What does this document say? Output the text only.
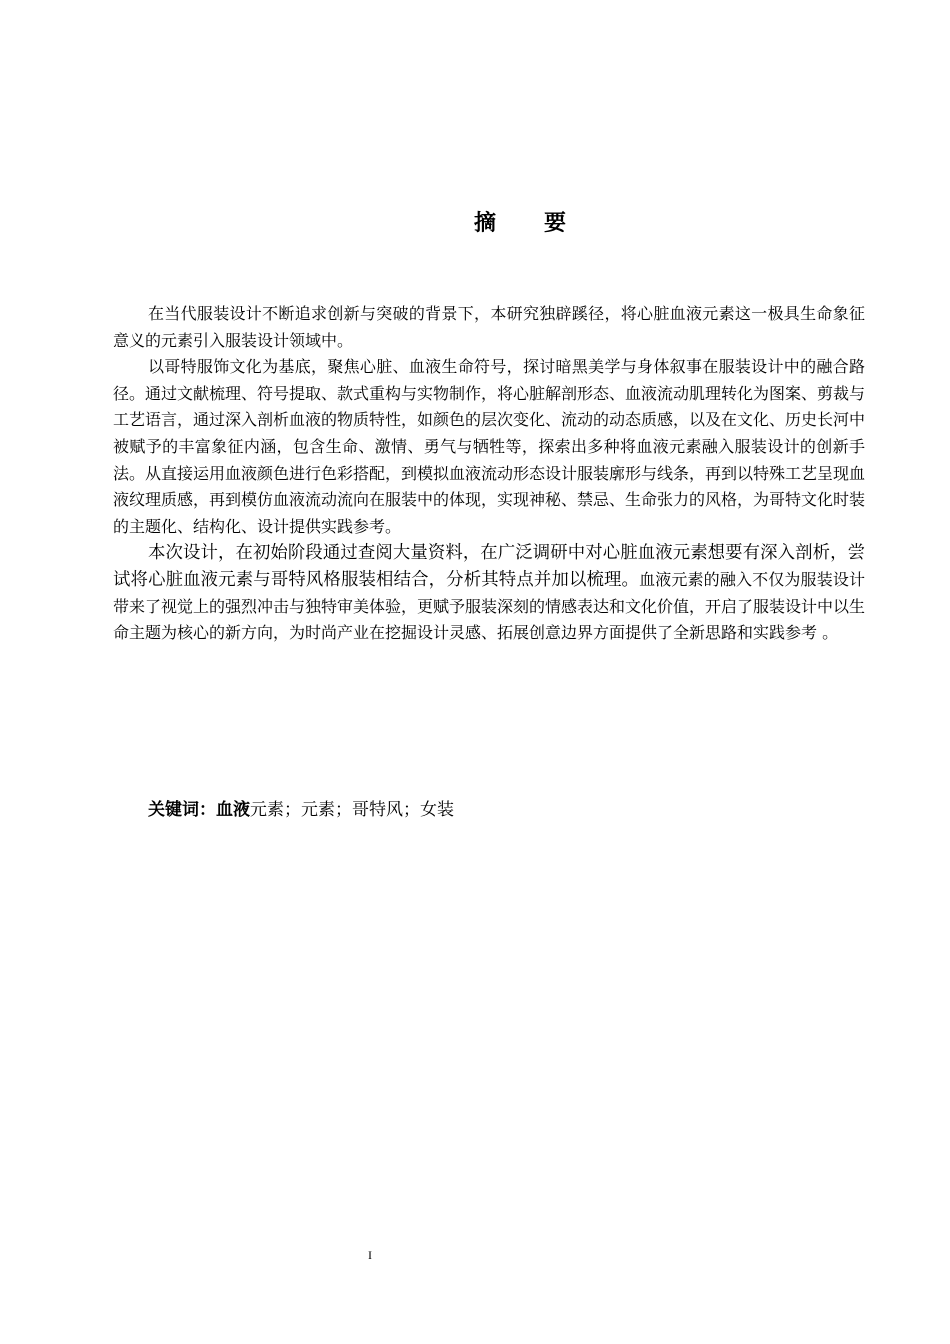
摘 要

在当代服装设计不断追求创新与突破的背景下，本研究独辟蹊径，将心脏血液元素这一极具生命象征意义的元素引入服装设计领域中。

以哥特服饰文化为基底，聚焦心脏、血液生命符号，探讨暗黑美学与身体叙事在服装设计中的融合路径。通过文献梳理、符号提取、款式重构与实物制作，将心脏解剖形态、血液流动肌理转化为图案、剪裁与工艺语言，通过深入剖析血液的物质特性，如颜色的层次变化、流动的动态质感，以及在文化、历史长河中被赋予的丰富象征内涵，包含生命、激情、勇气与牺牲等，探索出多种将血液元素融入服装设计的创新手法。从直接运用血液颜色进行色彩搭配，到模拟血液流动形态设计服装廓形与线条，再到以特殊工艺呈现血液纹理质感，再到模仿血液流动流向在服装中的体现，实现神秘、禁忌、生命张力的风格，为哥特文化时装的主题化、结构化、设计提供实践参考。

本次设计，在初始阶段通过查阅大量资料，在广泛调研中对心脏血液元素想要有深入剖析，尝试将心脏血液元素与哥特风格服装相结合，分析其特点并加以梳理。血液元素的融入不仅为服装设计带来了视觉上的强烈冲击与独特审美体验，更赋予服装深刻的情感表达和文化价值，开启了服装设计中以生命主题为核心的新方向，为时尚产业在挖掘设计灵感、拓展创意边界方面提供了全新思路和实践参考 。

关键词：血液元素；元素；哥特风；女装
I
